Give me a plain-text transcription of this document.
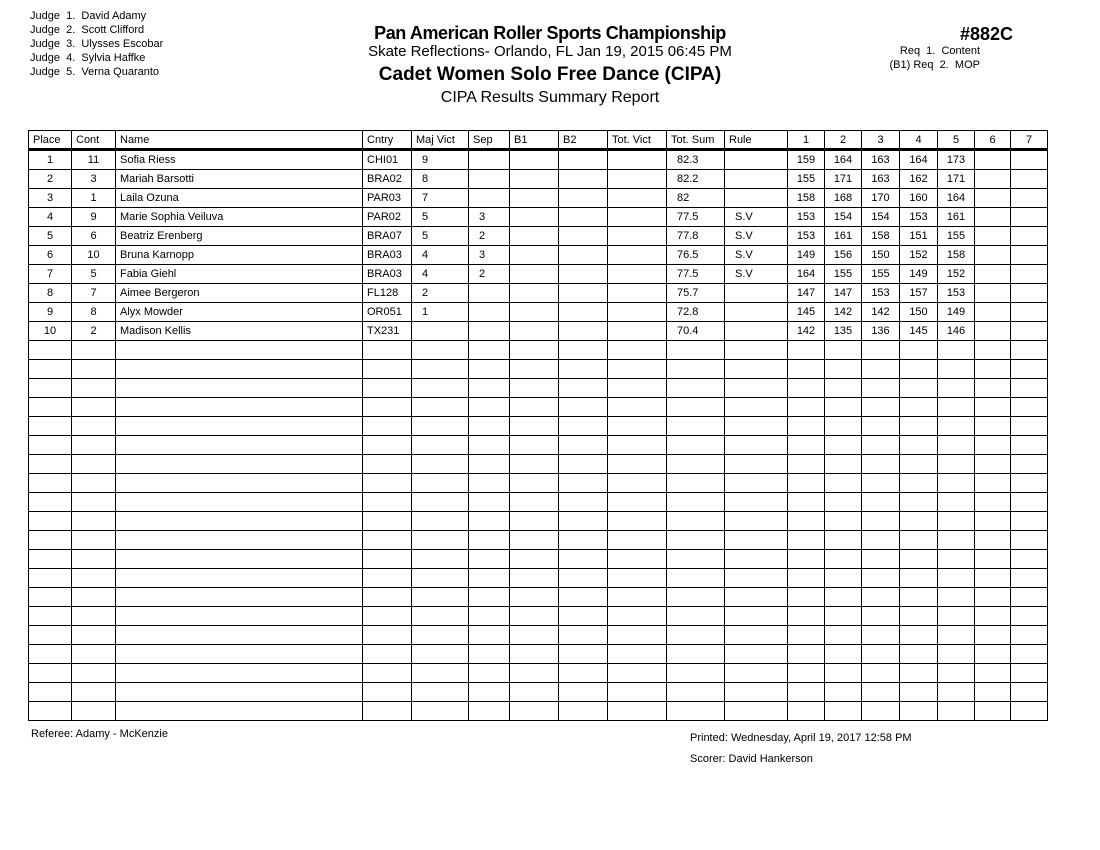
Judge  1.  David Adamy
Judge  2.  Scott Clifford
Judge  3.  Ulysses Escobar
Judge  4.  Sylvia Haffke
Judge  5.  Verna Quaranto
Pan American Roller Sports Championship
Skate Reflections- Orlando, FL Jan 19, 2015 06:45 PM
Cadet Women Solo Free Dance (CIPA)
CIPA Results Summary Report
#882C
Req  1.  Content
(B1) Req  2.  MOP
Place	Cont	Name	Cntry	Maj Vict	Sep	B1	B2	Tot. Vict	Tot. Sum	Rule	1	2	3	4	5	6	7
1	11	Sofia Riess	CHI01	9					82.3		159	164	163	164	173		
2	3	Mariah Barsotti	BRA02	8					82.2		155	171	163	162	171		
3	1	Laila Ozuna	PAR03	7					82		158	168	170	160	164		
4	9	Marie Sophia Veiluva	PAR02	5	3				77.5	S.V	153	154	154	153	161		
5	6	Beatriz Erenberg	BRA07	5	2				77.8	S.V	153	161	158	151	155		
6	10	Bruna Karnopp	BRA03	4	3				76.5	S.V	149	156	150	152	158		
7	5	Fabia Giehl	BRA03	4	2				77.5	S.V	164	155	155	149	152		
8	7	Aimee Bergeron	FL128	2					75.7		147	147	153	157	153		
9	8	Alyx Mowder	OR051	1					72.8		145	142	142	150	149		
10	2	Madison Kellis	TX231						70.4		142	135	136	145	146		

Referee: Adamy - McKenzie	Printed: Wednesday, April 19, 2017 12:58 PM
Scorer: David Hankerson
